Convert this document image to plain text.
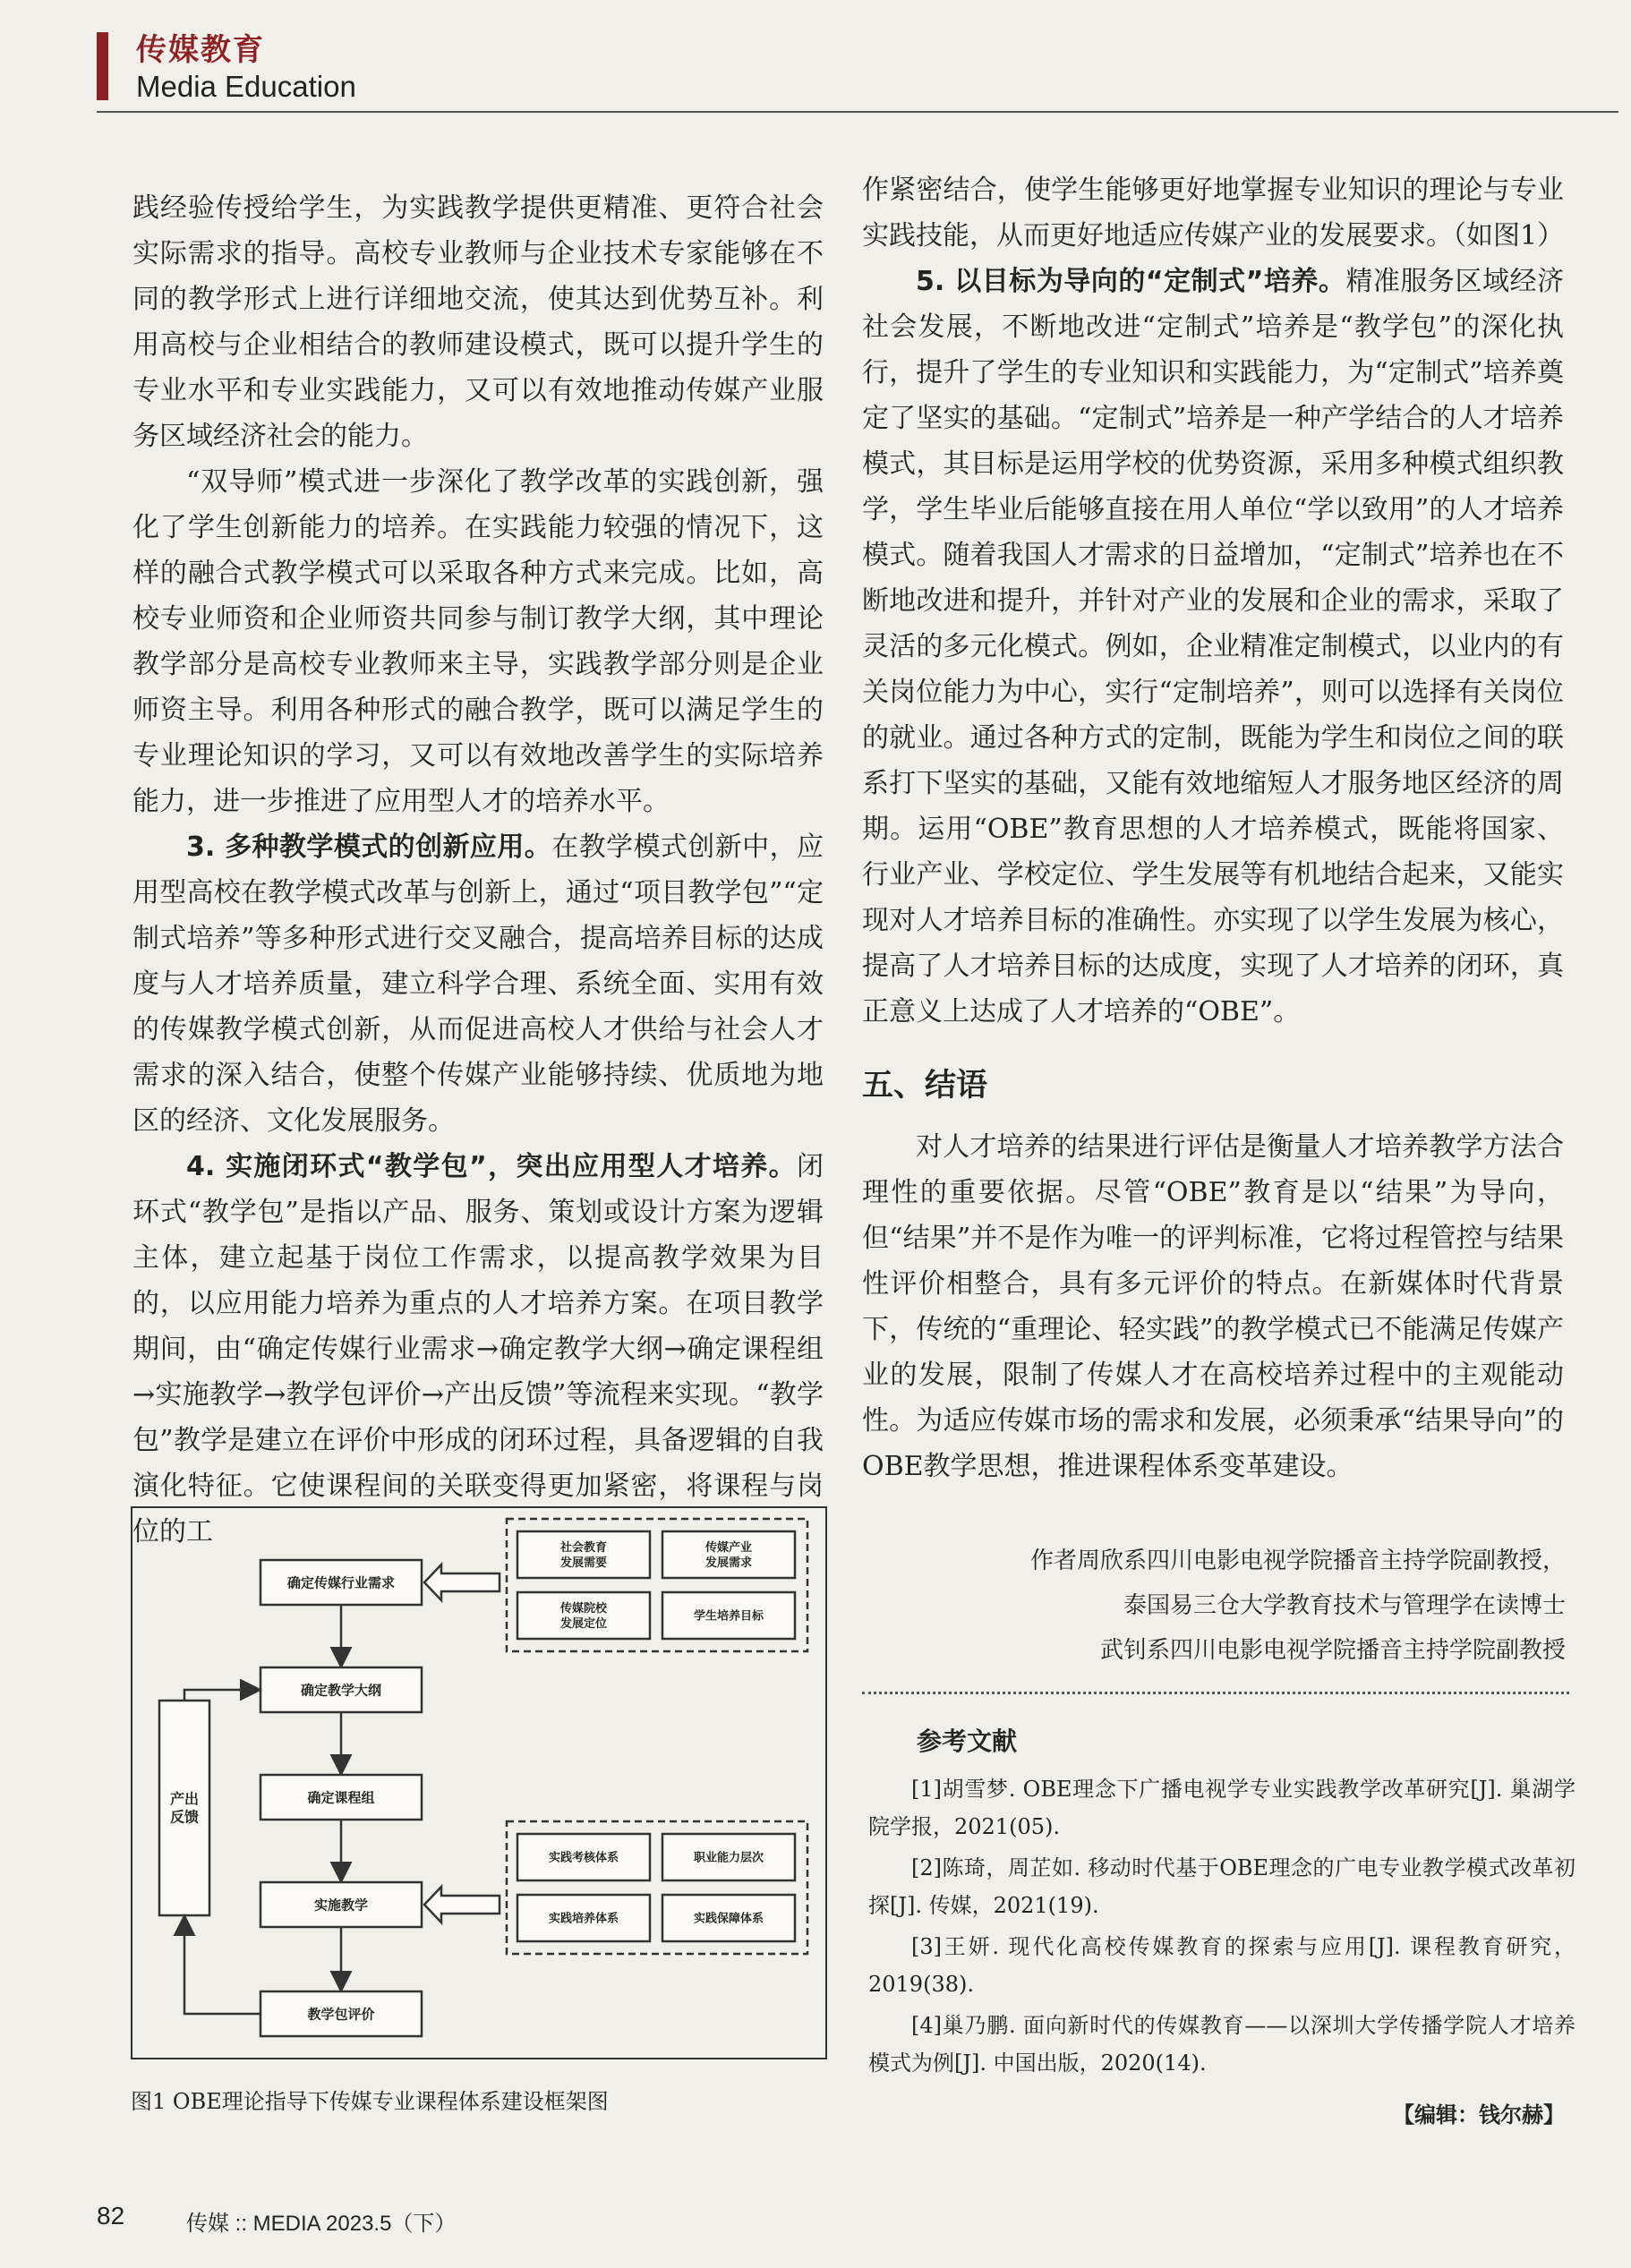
传媒教育
Media Education

践经验传授给学生，为实践教学提供更精准、更符合社会实际需求的指导。高校专业教师与企业技术专家能够在不同的教学形式上进行详细地交流，使其达到优势互补。利用高校与企业相结合的教师建设模式，既可以提升学生的专业水平和专业实践能力，又可以有效地推动传媒产业服务区域经济社会的能力。

“双导师”模式进一步深化了教学改革的实践创新，强化了学生创新能力的培养。在实践能力较强的情况下，这样的融合式教学模式可以采取各种方式来完成。比如，高校专业师资和企业师资共同参与制订教学大纲，其中理论教学部分是高校专业教师来主导，实践教学部分则是企业师资主导。利用各种形式的融合教学，既可以满足学生的专业理论知识的学习，又可以有效地改善学生的实际培养能力，进一步推进了应用型人才的培养水平。

3. 多种教学模式的创新应用。在教学模式创新中，应用型高校在教学模式改革与创新上，通过“项目教学包”“定制式培养”等多种形式进行交叉融合，提高培养目标的达成度与人才培养质量，建立科学合理、系统全面、实用有效的传媒教学模式创新，从而促进高校人才供给与社会人才需求的深入结合，使整个传媒产业能够持续、优质地为地区的经济、文化发展服务。

4. 实施闭环式“教学包”，突出应用型人才培养。闭环式“教学包”是指以产品、服务、策划或设计方案为逻辑主体，建立起基于岗位工作需求，以提高教学效果为目的，以应用能力培养为重点的人才培养方案。在项目教学期间，由“确定传媒行业需求→确定教学大纲→确定课程组→实施教学→教学包评价→产出反馈”等流程来实现。“教学包”教学是建立在评价中形成的闭环过程，具备逻辑的自我演化特征。它使课程间的关联变得更加紧密，将课程与岗位的工

作紧密结合，使学生能够更好地掌握专业知识的理论与专业实践技能，从而更好地适应传媒产业的发展要求。（如图1）

5. 以目标为导向的“定制式”培养。精准服务区域经济社会发展，不断地改进“定制式”培养是“教学包”的深化执行，提升了学生的专业知识和实践能力，为“定制式”培养奠定了坚实的基础。“定制式”培养是一种产学结合的人才培养模式，其目标是运用学校的优势资源，采用多种模式组织教学，学生毕业后能够直接在用人单位“学以致用”的人才培养模式。随着我国人才需求的日益增加，“定制式”培养也在不断地改进和提升，并针对产业的发展和企业的需求，采取了灵活的多元化模式。例如，企业精准定制模式，以业内的有关岗位能力为中心，实行“定制培养”，则可以选择有关岗位的就业。通过各种方式的定制，既能为学生和岗位之间的联系打下坚实的基础，又能有效地缩短人才服务地区经济的周期。运用“OBE”教育思想的人才培养模式，既能将国家、行业产业、学校定位、学生发展等有机地结合起来，又能实现对人才培养目标的准确性。亦实现了以学生发展为核心，提高了人才培养目标的达成度，实现了人才培养的闭环，真正意义上达成了人才培养的“OBE”。

五、结语

对人才培养的结果进行评估是衡量人才培养教学方法合理性的重要依据。尽管“OBE”教育是以“结果”为导向，但“结果”并不是作为唯一的评判标准，它将过程管控与结果性评价相整合，具有多元评价的特点。在新媒体时代背景下，传统的“重理论、轻实践”的教学模式已不能满足传媒产业的发展，限制了传媒人才在高校培养过程中的主观能动性。为适应传媒市场的需求和发展，必须秉承“结果导向”的OBE教学思想，推进课程体系变革建设。

确定传媒行业需求
确定教学大纲
确定课程组
实施教学
教学包评价
产出反馈
社会教育发展需要
传媒产业发展需求
传媒院校发展定位
学生培养目标
实践考核体系	职业能力层次
实践培养体系	实践保障体系
图1 OBE理论指导下传媒专业课程体系建设框架图
作者周欣系四川电影电视学院播音主持学院副教授，
泰国易三仓大学教育技术与管理学在读博士
武钊系四川电影电视学院播音主持学院副教授
参考文献

[1]胡雪梦. OBE理念下广播电视学专业实践教学改革研究[J]. 巢湖学院学报，2021(05).

[2]陈琦，周芷如. 移动时代基于OBE理念的广电专业教学模式改革初探[J]. 传媒，2021(19).

[3]王妍. 现代化高校传媒教育的探索与应用[J]. 课程教育研究，2019(38).

[4]巢乃鹏. 面向新时代的传媒教育——以深圳大学传播学院人才培养模式为例[J]. 中国出版，2020(14).

【编辑：钱尔赫】
82	传媒 :: MEDIA 2023.5（下）
